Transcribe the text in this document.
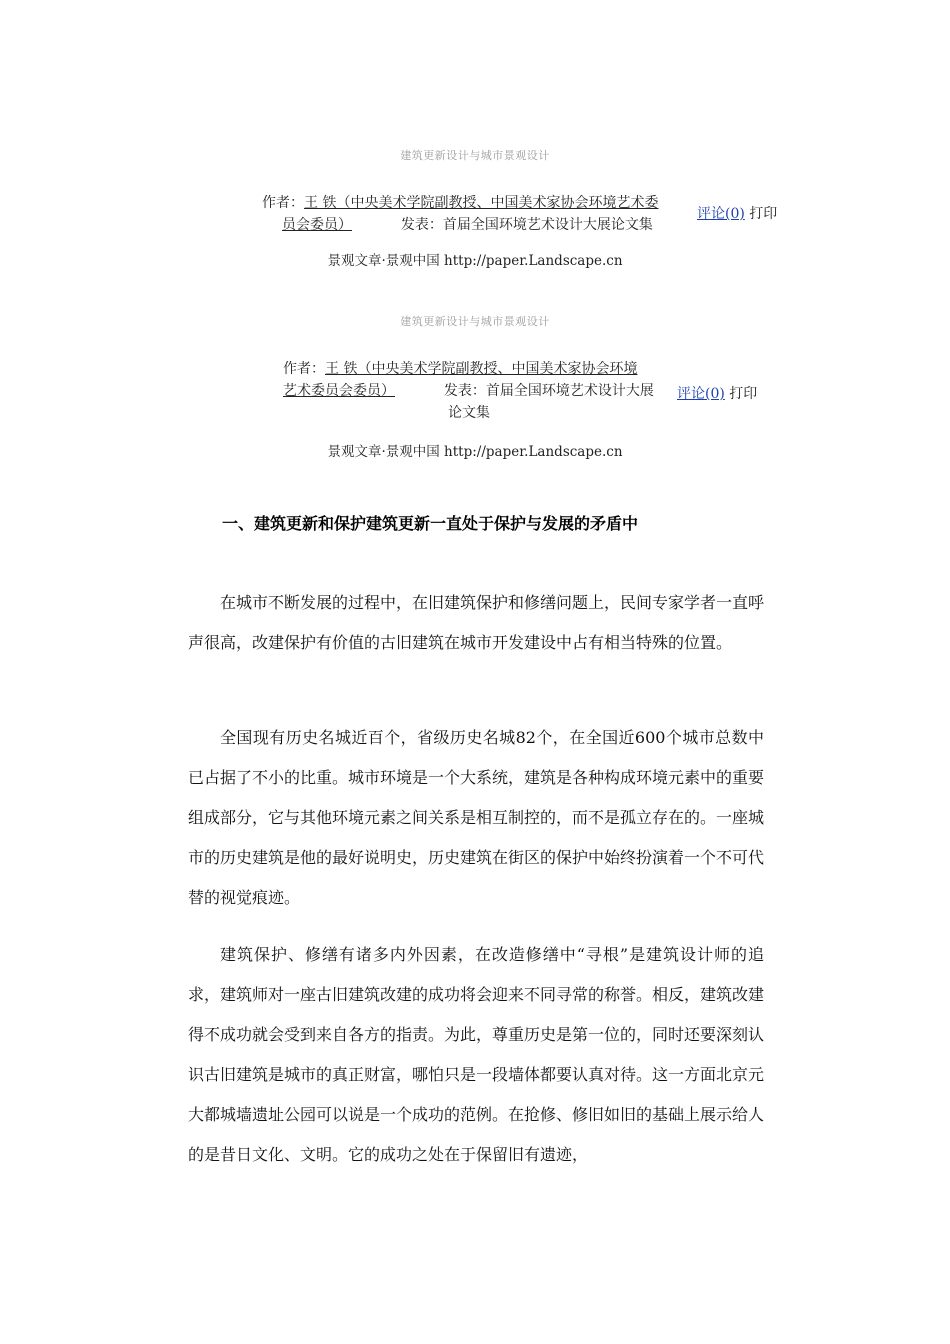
建筑更新设计与城市景观设计
作者：王 铁（中央美术学院副教授、中国美术家协会环境艺术委
员会委员）	发表：首届全国环境艺术设计大展论文集
评论(0) 打印
景观文章·景观中国 http://paper.Landscape.cn
建筑更新设计与城市景观设计
作者：王 铁（中央美术学院副教授、中国美术家协会环境
艺术委员会委员）	发表：首届全国环境艺术设计大展
论文集
评论(0) 打印
景观文章·景观中国 http://paper.Landscape.cn
一、建筑更新和保护建筑更新一直处于保护与发展的矛盾中

在城市不断发展的过程中，在旧建筑保护和修缮问题上，民间专家学者一直呼声很高，改建保护有价值的古旧建筑在城市开发建设中占有相当特殊的位置。

全国现有历史名城近百个，省级历史名城82个，在全国近600个城市总数中已占据了不小的比重。城市环境是一个大系统，建筑是各种构成环境元素中的重要组成部分，它与其他环境元素之间关系是相互制控的，而不是孤立存在的。一座城市的历史建筑是他的最好说明史，历史建筑在街区的保护中始终扮演着一个不可代替的视觉痕迹。

建筑保护、修缮有诸多内外因素，在改造修缮中“寻根”是建筑设计师的追求，建筑师对一座古旧建筑改建的成功将会迎来不同寻常的称誉。相反，建筑改建得不成功就会受到来自各方的指责。为此，尊重历史是第一位的，同时还要深刻认识古旧建筑是城市的真正财富，哪怕只是一段墙体都要认真对待。这一方面北京元大都城墙遗址公园可以说是一个成功的范例。在抢修、修旧如旧的基础上展示给人的是昔日文化、文明。它的成功之处在于保留旧有遗迹，
